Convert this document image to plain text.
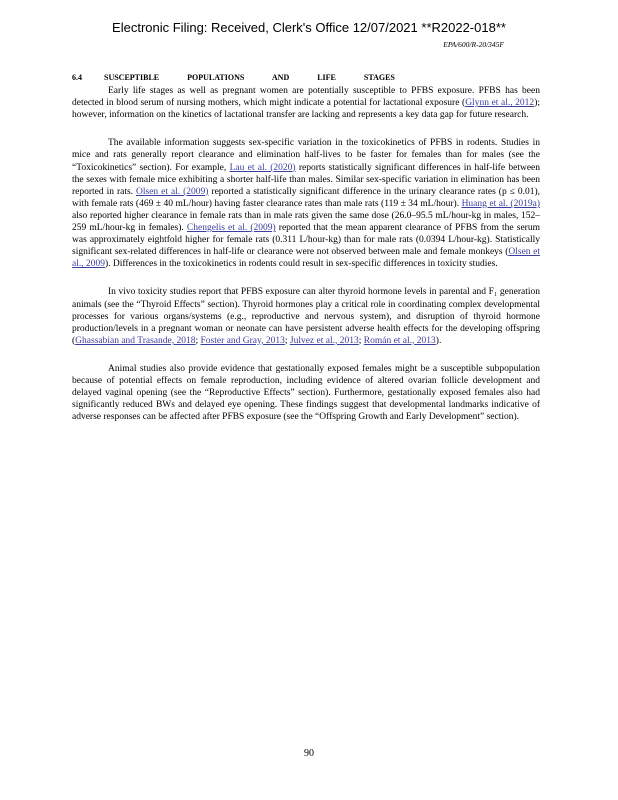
Electronic Filing: Received, Clerk's Office 12/07/2021 **R2022-018**
EPA/600/R-20/345F
6.4	SUSCEPTIBLE POPULATIONS AND LIFE STAGES

Early life stages as well as pregnant women are potentially susceptible to PFBS exposure. PFBS has been detected in blood serum of nursing mothers, which might indicate a potential for lactational exposure (Glynn et al., 2012); however, information on the kinetics of lactational transfer are lacking and represents a key data gap for future research.

The available information suggests sex-specific variation in the toxicokinetics of PFBS in rodents. Studies in mice and rats generally report clearance and elimination half-lives to be faster for females than for males (see the “Toxicokinetics” section). For example, Lau et al. (2020) reports statistically significant differences in half-life between the sexes with female mice exhibiting a shorter half-life than males. Similar sex-specific variation in elimination has been reported in rats. Olsen et al. (2009) reported a statistically significant difference in the urinary clearance rates (p ≤ 0.01), with female rats (469 ± 40 mL/hour) having faster clearance rates than male rats (119 ± 34 mL/hour). Huang et al. (2019a) also reported higher clearance in female rats than in male rats given the same dose (26.0–95.5 mL/hour-kg in males, 152–259 mL/hour-kg in females). Chengelis et al. (2009) reported that the mean apparent clearance of PFBS from the serum was approximately eightfold higher for female rats (0.311 L/hour-kg) than for male rats (0.0394 L/hour-kg). Statistically significant sex-related differences in half-life or clearance were not observed between male and female monkeys (Olsen et al., 2009). Differences in the toxicokinetics in rodents could result in sex-specific differences in toxicity studies.

In vivo toxicity studies report that PFBS exposure can alter thyroid hormone levels in parental and F₁ generation animals (see the “Thyroid Effects” section). Thyroid hormones play a critical role in coordinating complex developmental processes for various organs/systems (e.g., reproductive and nervous system), and disruption of thyroid hormone production/levels in a pregnant woman or neonate can have persistent adverse health effects for the developing offspring (Ghassabian and Trasande, 2018; Foster and Gray, 2013; Julvez et al., 2013; Román et al., 2013).

Animal studies also provide evidence that gestationally exposed females might be a susceptible subpopulation because of potential effects on female reproduction, including evidence of altered ovarian follicle development and delayed vaginal opening (see the “Reproductive Effects” section). Furthermore, gestationally exposed females also had significantly reduced BWs and delayed eye opening. These findings suggest that developmental landmarks indicative of adverse responses can be affected after PFBS exposure (see the “Offspring Growth and Early Development” section).

90
